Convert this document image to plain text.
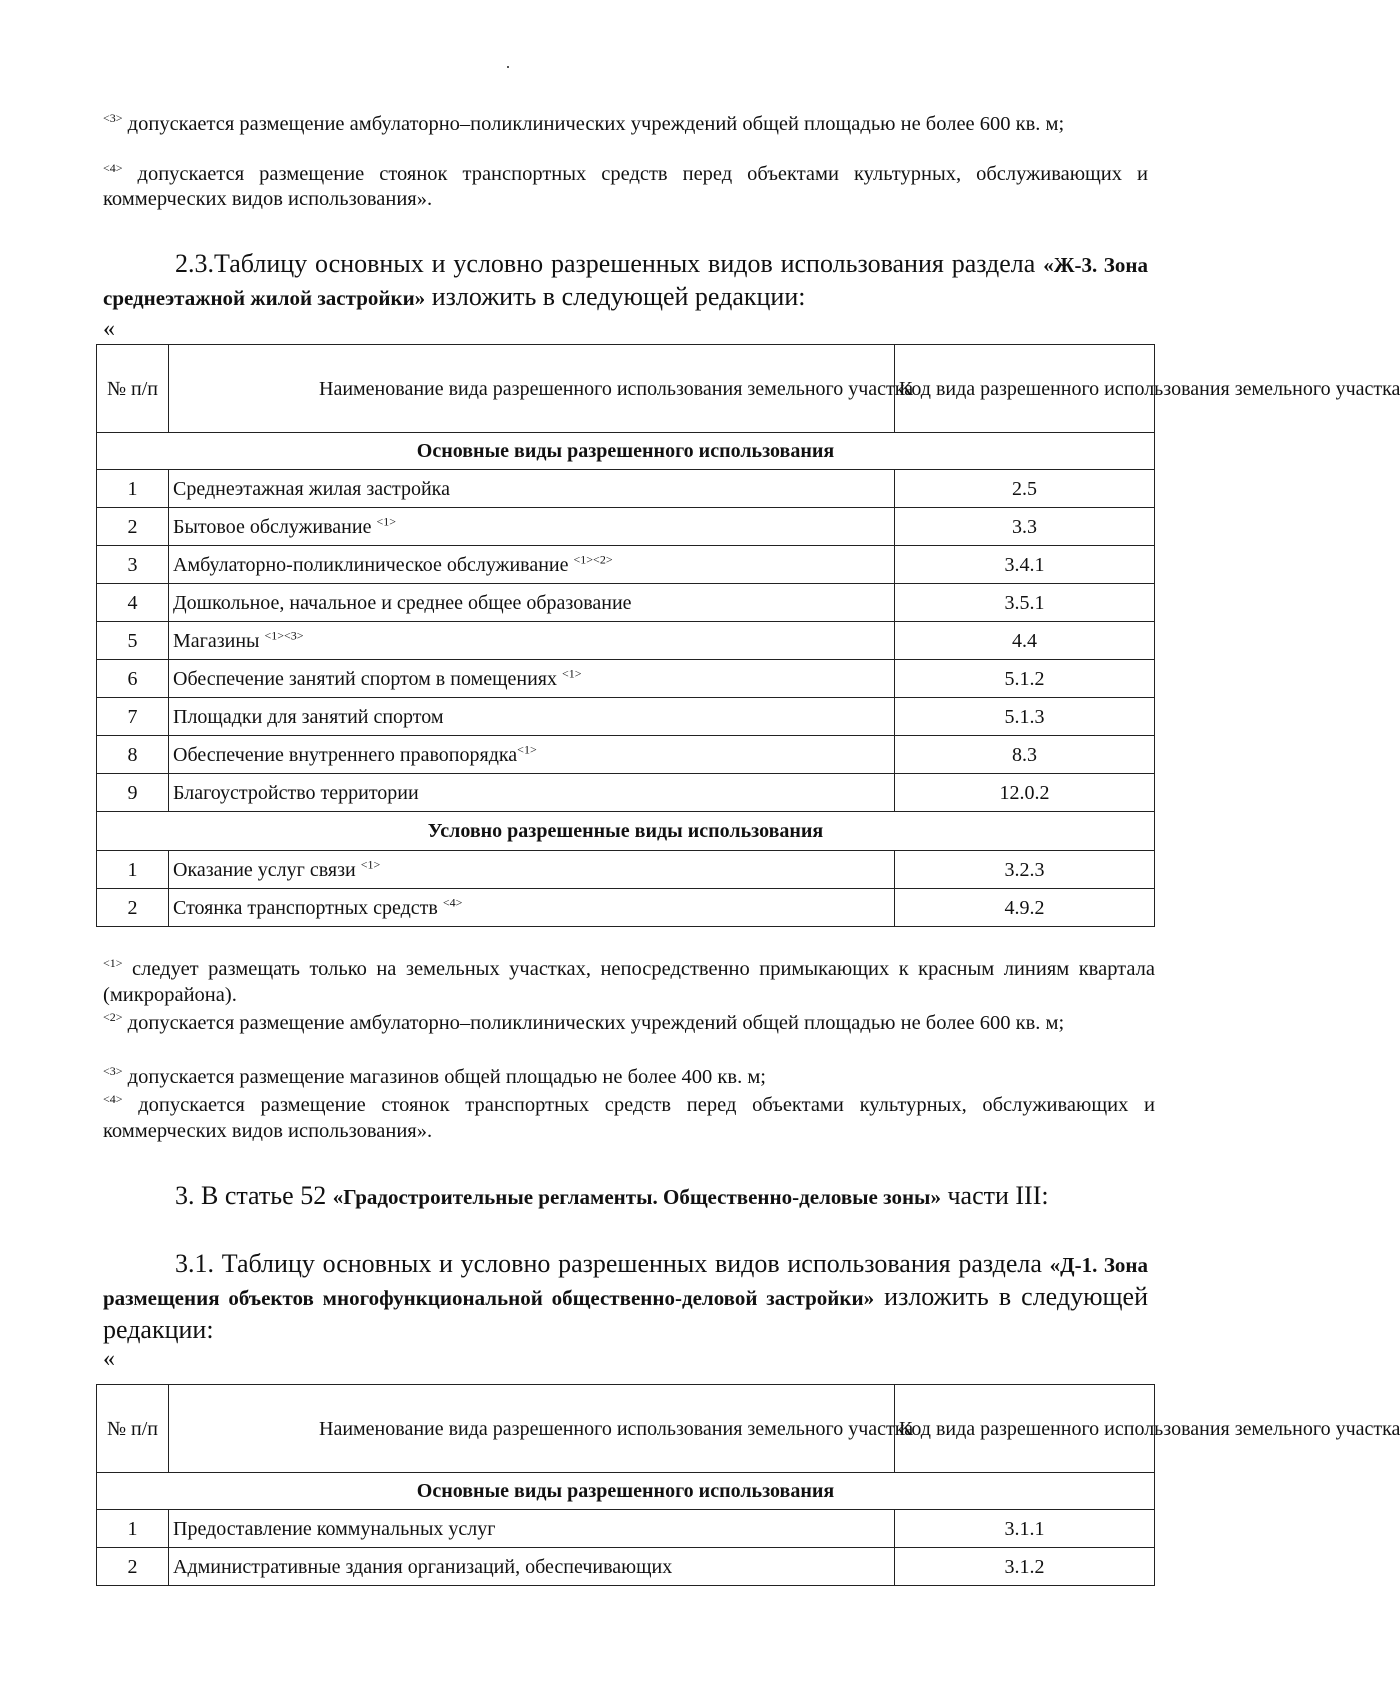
$^{<3>}$ допускается размещение амбулаторно–поликлинических учреждений общей площадью не более 600 кв. м;
$^{<4>}$ допускается размещение стоянок транспортных средств перед объектами культурных, обслуживающих и коммерческих видов использования».
2.3.Таблицу основных и условно разрешенных видов использования раздела «Ж-3. Зона среднеэтажной жилой застройки» изложить в следующей редакции:
«
№ п/п	Наименование вида разрешенного использования земельного участка	Код вида разрешенного использования земельного участка
Основные виды разрешенного использования		
1	Среднеэтажная жилая застройка	2.5
2	Бытовое обслуживание $^{<1>}$	3.3
3	Амбулаторно-поликлиническое обслуживание $^{<1><2>}$	3.4.1
4	Дошкольное, начальное и среднее общее образование	3.5.1
5	Магазины $^{<1><3>}$	4.4
6	Обеспечение занятий спортом в помещениях $^{<1>}$	5.1.2
7	Площадки для занятий спортом	5.1.3
8	Обеспечение внутреннего правопорядка$^{<1>}$	8.3
9	Благоустройство территории	12.0.2
Условно разрешенные виды использования		
1	Оказание услуг связи $^{<1>}$	3.2.3
2	Стоянка транспортных средств $^{<4>}$	4.9.2
$^{<1>}$ следует размещать только на земельных участках, непосредственно примыкающих к красным линиям квартала (микрорайона).
$^{<2>}$ допускается размещение амбулаторно–поликлинических учреждений общей площадью не более 600 кв. м;
$^{<3>}$ допускается размещение магазинов общей площадью не более 400 кв. м;
$^{<4>}$ допускается размещение стоянок транспортных средств перед объектами культурных, обслуживающих и коммерческих видов использования».
3. В статье 52 «Градостроительные регламенты. Общественно-деловые зоны» части III:
3.1. Таблицу основных и условно разрешенных видов использования раздела «Д-1. Зона размещения объектов многофункциональной общественно-деловой застройки» изложить в следующей редакции:
«
№ п/п	Наименование вида разрешенного использования земельного участка	Код вида разрешенного использования земельного участка
Основные виды разрешенного использования		
1	Предоставление коммунальных услуг	3.1.1
2	Административные здания организаций, обеспечивающих	3.1.2
